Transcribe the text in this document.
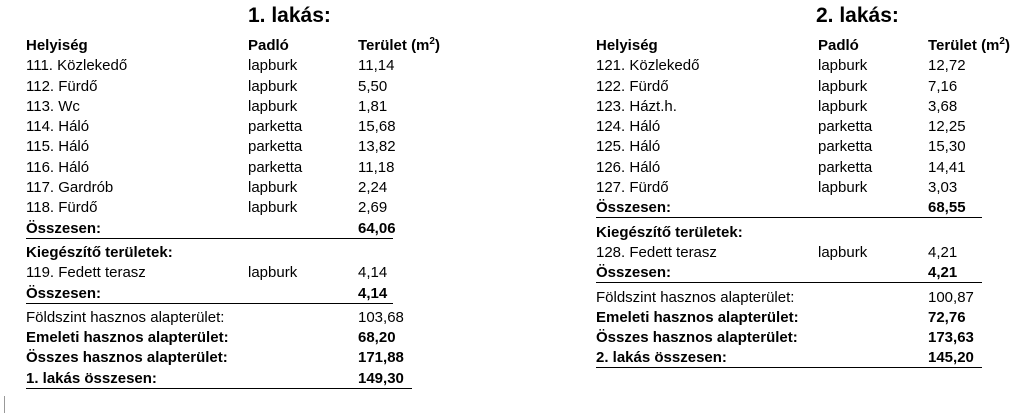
1. lakás:
Helyiség	Padló	Terület $(m^2)$
111. Közlekedő	lapburk	11,14
112. Fürdő	lapburk	5,50
113. Wc	lapburk	1,81
114. Háló	parketta	15,68
115. Háló	parketta	13,82
116. Háló	parketta	11,18
117. Gardrób	lapburk	2,24
118. Fürdő	lapburk	2,69
Összesen:	64,06
Kiegészítő területek:
119. Fedett terasz	lapburk	4,14
Összesen:	4,14
Földszint hasznos alapterület:	103,68
Emeleti hasznos alapterület:	68,20
Összes hasznos alapterület:	171,88
1. lakás összesen:	149,30
2. lakás:
Helyiség	Padló	Terület $(m^2)$
121. Közlekedő	lapburk	12,72
122. Fürdő	lapburk	7,16
123. Házt.h.	lapburk	3,68
124. Háló	parketta	12,25
125. Háló	parketta	15,30
126. Háló	parketta	14,41
127. Fürdő	lapburk	3,03
Összesen:	68,55
Kiegészítő területek:
128. Fedett terasz	lapburk	4,21
Összesen:	4,21
Földszint hasznos alapterület:	100,87
Emeleti hasznos alapterület:	72,76
Összes hasznos alapterület:	173,63
2. lakás összesen:	145,20
